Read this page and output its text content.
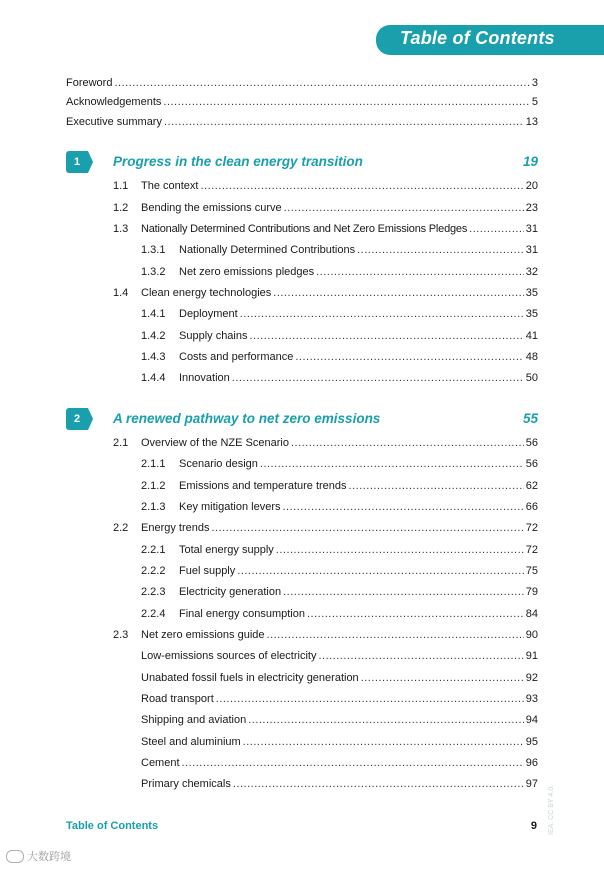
Table of Contents
Foreword .....	3
Acknowledgements .....	5
Executive summary .....	13
1	Progress in the clean energy transition	19
1.1	The context .....	20
1.2	Bending the emissions curve .....	23
1.3	Nationally Determined Contributions and Net Zero Emissions Pledges .....	31
1.3.1	Nationally Determined Contributions .....	31
1.3.2	Net zero emissions pledges .....	32
1.4	Clean energy technologies .....	35
1.4.1	Deployment .....	35
1.4.2	Supply chains .....	41
1.4.3	Costs and performance .....	48
1.4.4	Innovation .....	50
2	A renewed pathway to net zero emissions	55
2.1	Overview of the NZE Scenario .....	56
2.1.1	Scenario design .....	56
2.1.2	Emissions and temperature trends .....	62
2.1.3	Key mitigation levers .....	66
2.2	Energy trends .....	72
2.2.1	Total energy supply .....	72
2.2.2	Fuel supply .....	75
2.2.3	Electricity generation .....	79
2.2.4	Final energy consumption .....	84
2.3	Net zero emissions guide .....	90
Low-emissions sources of electricity .....	91
Unabated fossil fuels in electricity generation .....	92
Road transport .....	93
Shipping and aviation .....	94
Steel and aluminium .....	95
Cement .....	96
Primary chemicals .....	97
Table of Contents	9 IEA. CC BY 4.0.
大数跨境
